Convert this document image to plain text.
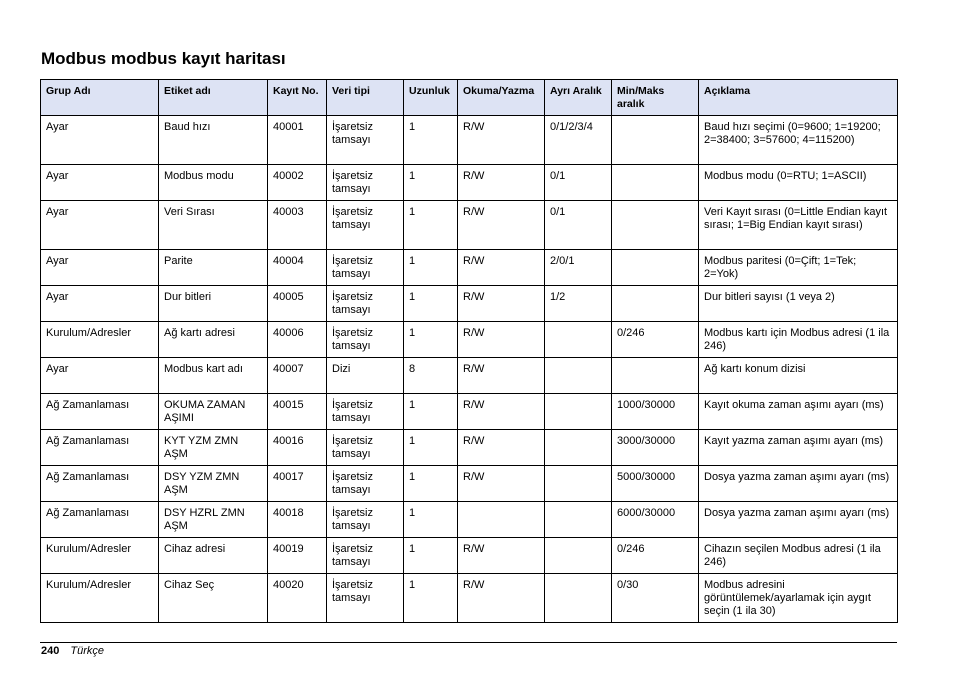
Modbus modbus kayıt haritası
Grup Adı	Etiket adı	Kayıt No.	Veri tipi	Uzunluk	Okuma/Yazma	Ayrı Aralık	Min/Maks aralık	Açıklama
Ayar	Baud hızı	40001	İşaretsiz tamsayı	1	R/W	0/1/2/3/4		Baud hızı seçimi (0=9600; 1=19200; 2=38400; 3=57600; 4=115200)
Ayar	Modbus modu	40002	İşaretsiz tamsayı	1	R/W	0/1		Modbus modu (0=RTU; 1=ASCII)
Ayar	Veri Sırası	40003	İşaretsiz tamsayı	1	R/W	0/1		Veri Kayıt sırası (0=Little Endian kayıt sırası; 1=Big Endian kayıt sırası)
Ayar	Parite	40004	İşaretsiz tamsayı	1	R/W	2/0/1		Modbus paritesi (0=Çift; 1=Tek; 2=Yok)
Ayar	Dur bitleri	40005	İşaretsiz tamsayı	1	R/W	1/2		Dur bitleri sayısı (1 veya 2)
Kurulum/Adresler	Ağ kartı adresi	40006	İşaretsiz tamsayı	1	R/W		0/246	Modbus kartı için Modbus adresi (1 ila 246)
Ayar	Modbus kart adı	40007	Dizi	8	R/W			Ağ kartı konum dizisi
Ağ Zamanlaması	OKUMA ZAMAN AŞIMI	40015	İşaretsiz tamsayı	1	R/W		1000/30000	Kayıt okuma zaman aşımı ayarı (ms)
Ağ Zamanlaması	KYT YZM ZMN AŞM	40016	İşaretsiz tamsayı	1	R/W		3000/30000	Kayıt yazma zaman aşımı ayarı (ms)
Ağ Zamanlaması	DSY YZM ZMN AŞM	40017	İşaretsiz tamsayı	1	R/W		5000/30000	Dosya yazma zaman aşımı ayarı (ms)
Ağ Zamanlaması	DSY HZRL ZMN AŞM	40018	İşaretsiz tamsayı	1			6000/30000	Dosya yazma zaman aşımı ayarı (ms)
Kurulum/Adresler	Cihaz adresi	40019	İşaretsiz tamsayı	1	R/W		0/246	Cihazın seçilen Modbus adresi (1 ila 246)
Kurulum/Adresler	Cihaz Seç	40020	İşaretsiz tamsayı	1	R/W		0/30	Modbus adresini görüntülemek/ayarlamak için aygıt seçin (1 ila 30)
240 Türkçe
